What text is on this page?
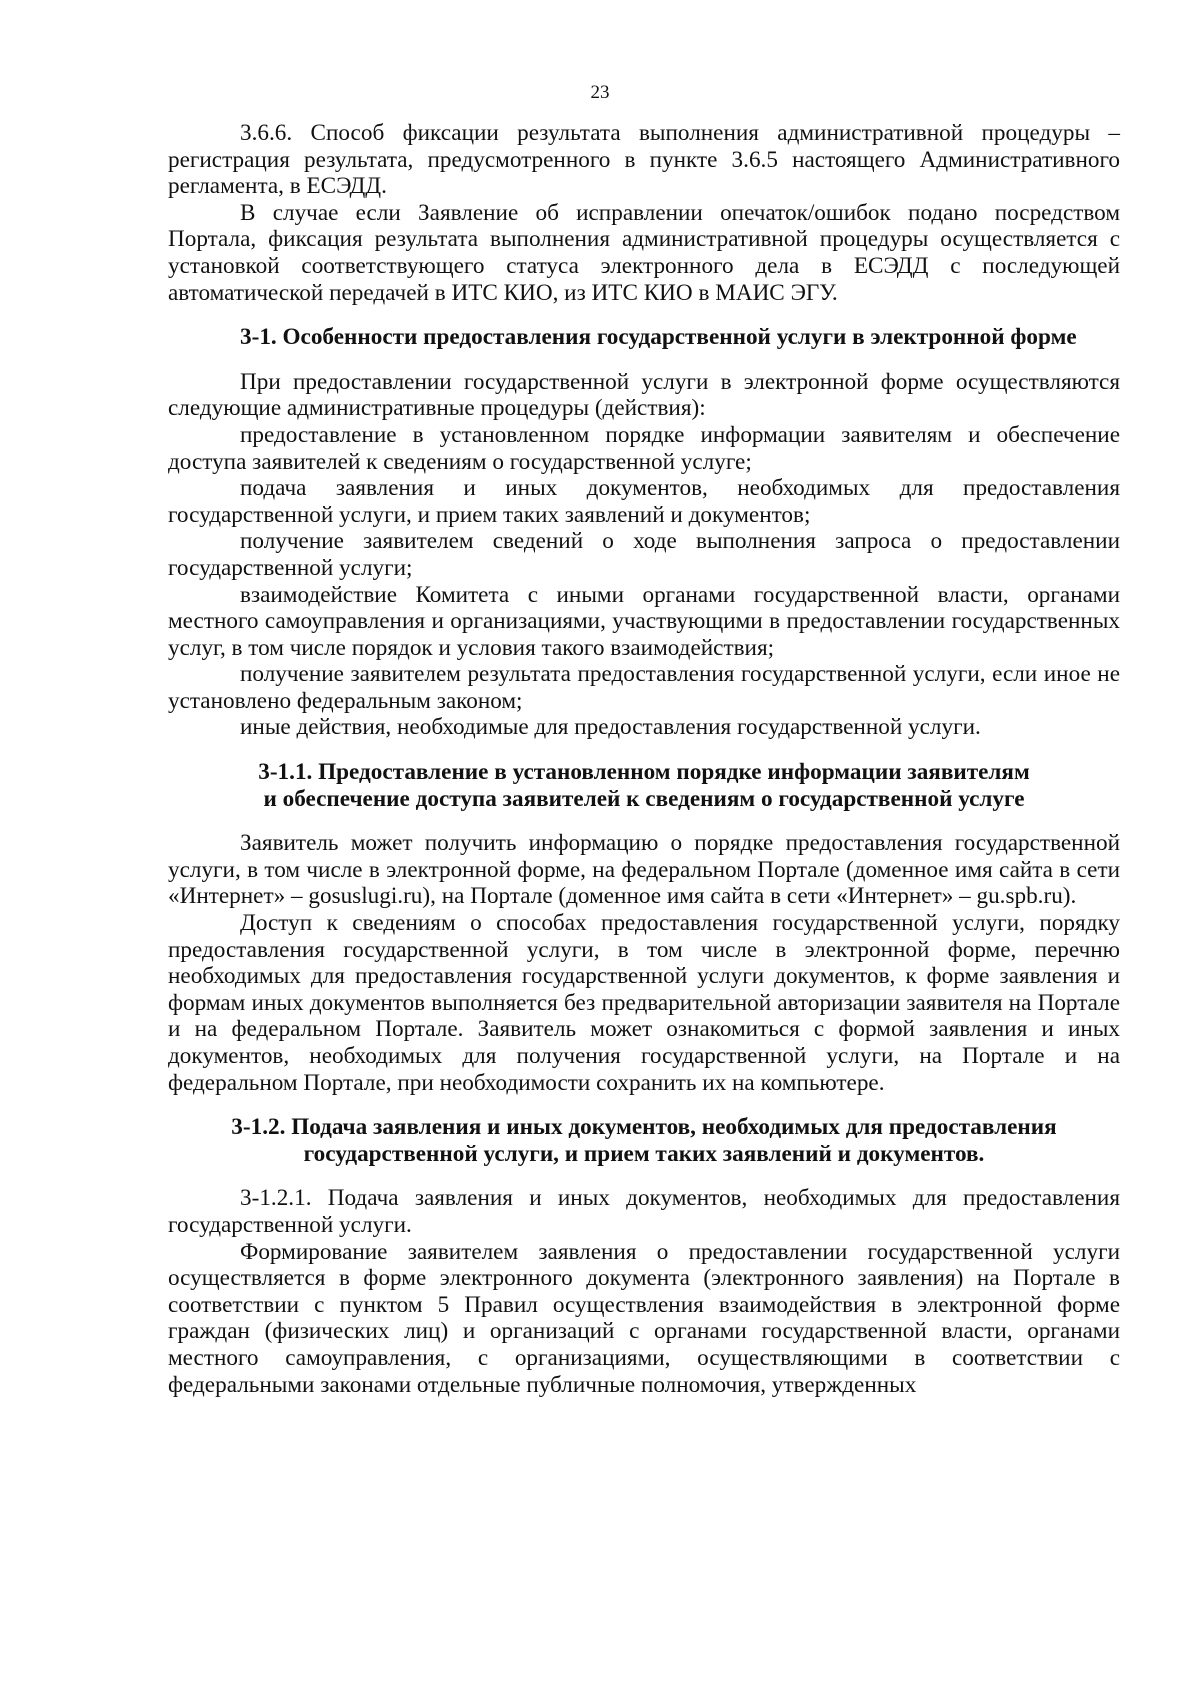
23

3.6.6. Способ фиксации результата выполнения административной процедуры – регистрация результата, предусмотренного в пункте 3.6.5 настоящего Административного регламента, в ЕСЭДД.

В случае если Заявление об исправлении опечаток/ошибок подано посредством Портала, фиксация результата выполнения административной процедуры осуществляется с установкой соответствующего статуса электронного дела в ЕСЭДД с последующей автоматической передачей в ИТС КИО, из ИТС КИО в МАИС ЭГУ.

3-1. Особенности предоставления государственной услуги в электронной форме

При предоставлении государственной услуги в электронной форме осуществляются следующие административные процедуры (действия):

предоставление в установленном порядке информации заявителям и обеспечение доступа заявителей к сведениям о государственной услуге;

подача заявления и иных документов, необходимых для предоставления государственной услуги, и прием таких заявлений и документов;

получение заявителем сведений о ходе выполнения запроса о предоставлении государственной услуги;

взаимодействие Комитета с иными органами государственной власти, органами местного самоуправления и организациями, участвующими в предоставлении государственных услуг, в том числе порядок и условия такого взаимодействия;

получение заявителем результата предоставления государственной услуги, если иное не установлено федеральным законом;

иные действия, необходимые для предоставления государственной услуги.

3-1.1. Предоставление в установленном порядке информации заявителям
и обеспечение доступа заявителей к сведениям о государственной услуге

Заявитель может получить информацию о порядке предоставления государственной услуги, в том числе в электронной форме, на федеральном Портале (доменное имя сайта в сети «Интернет» – gosuslugi.ru), на Портале (доменное имя сайта в сети «Интернет» – gu.spb.ru).

Доступ к сведениям о способах предоставления государственной услуги, порядку предоставления государственной услуги, в том числе в электронной форме, перечню необходимых для предоставления государственной услуги документов, к форме заявления и формам иных документов выполняется без предварительной авторизации заявителя на Портале и на федеральном Портале. Заявитель может ознакомиться с формой заявления и иных документов, необходимых для получения государственной услуги, на Портале и на федеральном Портале, при необходимости сохранить их на компьютере.

3-1.2. Подача заявления и иных документов, необходимых для предоставления
государственной услуги, и прием таких заявлений и документов.

3-1.2.1. Подача заявления и иных документов, необходимых для предоставления государственной услуги.

Формирование заявителем заявления о предоставлении государственной услуги осуществляется в форме электронного документа (электронного заявления) на Портале в соответствии с пунктом 5 Правил осуществления взаимодействия в электронной форме граждан (физических лиц) и организаций с органами государственной власти, органами местного самоуправления, с организациями, осуществляющими в соответствии с федеральными законами отдельные публичные полномочия, утвержденных
